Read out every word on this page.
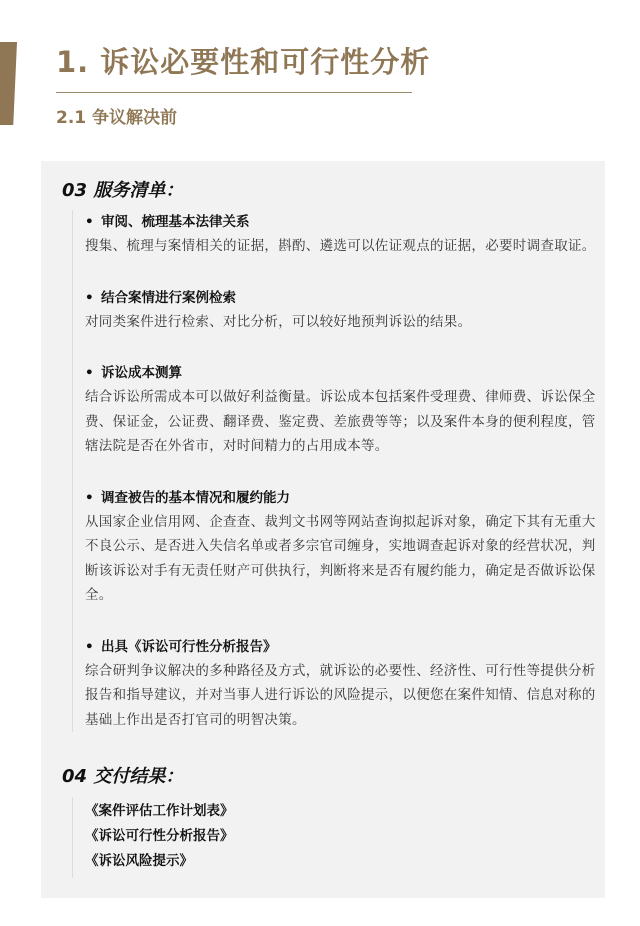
1. 诉讼必要性和可行性分析
2.1 争议解决前
03 服务清单：
• 审阅、梳理基本法律关系
搜集、梳理与案情相关的证据，斟酌、遴选可以佐证观点的证据，必要时调查取证。
• 结合案情进行案例检索
对同类案件进行检索、对比分析，可以较好地预判诉讼的结果。
• 诉讼成本测算
结合诉讼所需成本可以做好利益衡量。诉讼成本包括案件受理费、律师费、诉讼保全费、保证金，公证费、翻译费、鉴定费、差旅费等等；以及案件本身的便利程度，管辖法院是否在外省市，对时间精力的占用成本等。
• 调查被告的基本情况和履约能力
从国家企业信用网、企查查、裁判文书网等网站查询拟起诉对象，确定下其有无重大不良公示、是否进入失信名单或者多宗官司缠身，实地调查起诉对象的经营状况，判断该诉讼对手有无责任财产可供执行，判断将来是否有履约能力，确定是否做诉讼保全。
• 出具《诉讼可行性分析报告》
综合研判争议解决的多种路径及方式，就诉讼的必要性、经济性、可行性等提供分析报告和指导建议，并对当事人进行诉讼的风险提示，以便您在案件知情、信息对称的基础上作出是否打官司的明智决策。
04 交付结果：
《案件评估工作计划表》
《诉讼可行性分析报告》
《诉讼风险提示》
